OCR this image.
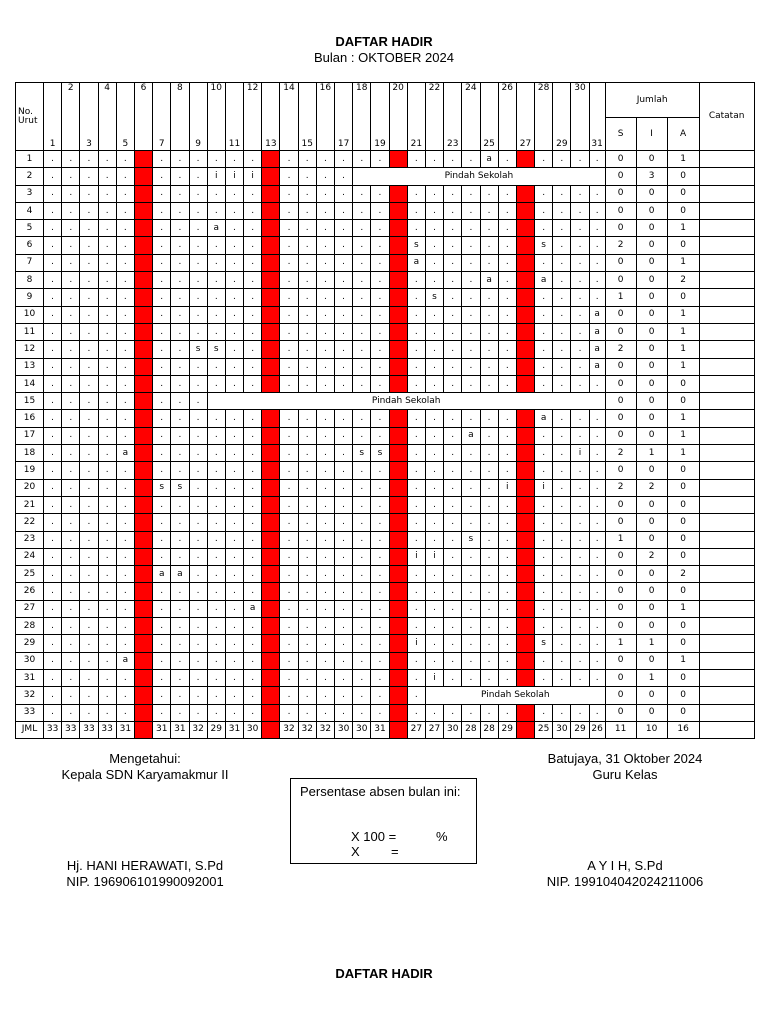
DAFTAR HADIR
Bulan : OKTOBER 2024
No. Urut	1	2	3	4	5	6	7	8	9	10	11	12	13	14	15	16	17	18	19	20	21	22	23	24	25	26	27	28	29	30	31	Jumlah			Catatan
																																S	I	A	
1	.	.	.	.	.		.	.	.	.	.	.		.	.	.	.	.	.		.	.	.	.	a	.		.	.	.	.	0	0	1	
2	.	.	.	.	.		.	.	.	i	i	i		.	.	.	.	Pindah Sekolah														0	3	0	
3	.	.	.	.	.		.	.	.	.	.	.		.	.	.	.	.	.		.	.	.	.	.	.		.	.	.	.	0	0	0	
4	.	.	.	.	.		.	.	.	.	.	.		.	.	.	.	.	.		.	.	.	.	.	.		.	.	.	.	0	0	0	
5	.	.	.	.	.		.	.	.	a	.	.		.	.	.	.	.	.		.	.	.	.	.	.		.	.	.	.	0	0	1	
6	.	.	.	.	.		.	.	.	.	.	.		.	.	.	.	.	.		s	.	.	.	.	.		s	.	.	.	2	0	0	
7	.	.	.	.	.		.	.	.	.	.	.		.	.	.	.	.	.		a	.	.	.	.	.		.	.	.	.	0	0	1	
8	.	.	.	.	.		.	.	.	.	.	.		.	.	.	.	.	.		.	.	.	.	a	.		a	.	.	.	0	0	2	
9	.	.	.	.	.		.	.	.	.	.	.		.	.	.	.	.	.		.	s	.	.	.	.		.	.	.	.	1	0	0	
10	.	.	.	.	.		.	.	.	.	.	.		.	.	.	.	.	.		.	.	.	.	.	.		.	.	.	a	0	0	1	
11	.	.	.	.	.		.	.	.	.	.	.		.	.	.	.	.	.		.	.	.	.	.	.		.	.	.	a	0	0	1	
12	.	.	.	.	.		.	.	s	s	.	.		.	.	.	.	.	.		.	.	.	.	.	.		.	.	.	a	2	0	1	
13	.	.	.	.	.		.	.	.	.	.	.		.	.	.	.	.	.		.	.	.	.	.	.		.	.	.	a	0	0	1	
14	.	.	.	.	.		.	.	.	.	.	.		.	.	.	.	.	.		.	.	.	.	.	.		.	.	.	.	0	0	0	
15	.	.	.	.	.		.	.	.	Pindah Sekolah																						0	0	0	
16	.	.	.	.	.		.	.	.	.	.	.		.	.	.	.	.	.		.	.	.	.	.	.		a	.	.	.	0	0	1	
17	.	.	.	.	.		.	.	.	.	.	.		.	.	.	.	.	.		.	.	.	a	.	.		.	.	.	.	0	0	1	
18	.	.	.	.	a		.	.	.	.	.	.		.	.	.	.	s	s		.	.	.	.	.	.		.	.	i	.	2	1	1	
19	.	.	.	.	.		.	.	.	.	.	.		.	.	.	.	.	.		.	.	.	.	.	.		.	.	.	.	0	0	0	
20	.	.	.	.	.		s	s	.	.	.	.		.	.	.	.	.	.		.	.	.	.	.	i		i	.	.	.	2	2	0	
21	.	.	.	.	.		.	.	.	.	.	.		.	.	.	.	.	.		.	.	.	.	.	.		.	.	.	.	0	0	0	
22	.	.	.	.	.		.	.	.	.	.	.		.	.	.	.	.	.		.	.	.	.	.	.		.	.	.	.	0	0	0	
23	.	.	.	.	.		.	.	.	.	.	.		.	.	.	.	.	.		.	.	.	s	.	.		.	.	.	.	1	0	0	
24	.	.	.	.	.		.	.	.	.	.	.		.	.	.	.	.	.		i	i	.	.	.	.		.	.	.	.	0	2	0	
25	.	.	.	.	.		a	a	.	.	.	.		.	.	.	.	.	.		.	.	.	.	.	.		.	.	.	.	0	0	2	
26	.	.	.	.	.		.	.	.	.	.	.		.	.	.	.	.	.		.	.	.	.	.	.		.	.	.	.	0	0	0	
27	.	.	.	.	.		.	.	.	.	.	a		.	.	.	.	.	.		.	.	.	.	.	.		.	.	.	.	0	0	1	
28	.	.	.	.	.		.	.	.	.	.	.		.	.	.	.	.	.		.	.	.	.	.	.		.	.	.	.	0	0	0	
29	.	.	.	.	.		.	.	.	.	.	.		.	.	.	.	.	.		i	.	.	.	.	.		s	.	.	.	1	1	0	
30	.	.	.	.	a		.	.	.	.	.	.		.	.	.	.	.	.		.	.	.	.	.	.		.	.	.	.	0	0	1	
31	.	.	.	.	.		.	.	.	.	.	.		.	.	.	.	.	.		.	i	.	.	.	.		.	.	.	.	0	1	0	
32	.	.	.	.	.		.	.	.	.	.	.		.	.	.	.	.	.		.	Pindah Sekolah										0	0	0	
33	.	.	.	.	.		.	.	.	.	.	.		.	.	.	.	.	.		.	.	.	.	.	.		.	.	.	.	0	0	0	
JML	33	33	33	33	31		31	31	32	29	31	30		32	32	32	30	30	31		27	27	30	28	28	29		25	30	29	26	11	10	16	
Mengetahui:
Kepala SDN Karyamakmur II
Hj. HANI HERAWATI, S.Pd
NIP. 196906101990092001
Batujaya, 31 Oktober 2024
Guru Kelas
A Y I H, S.Pd
NIP. 199104042024211006
Persentase absen bulan ini:
X 100 =	%
X =
DAFTAR HADIR
